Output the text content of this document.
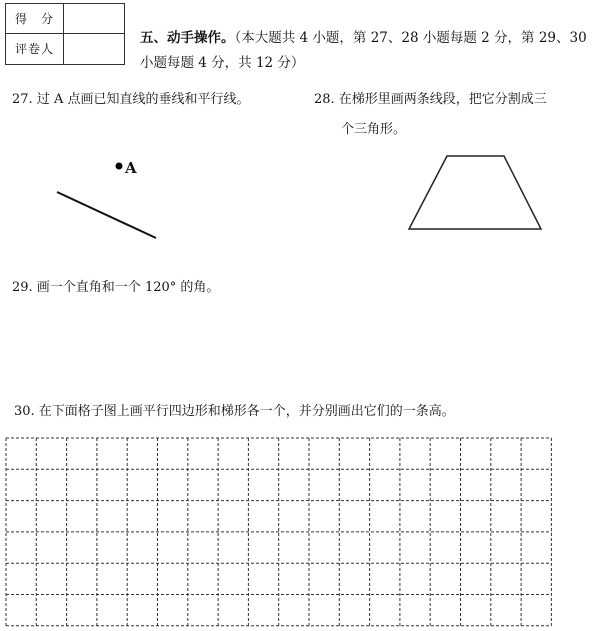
得　分
评卷人
五、动手操作。（本大题共 4 小题，第 27、28 小题每题 2 分，第 29、30 小题每题 4 分，共 12 分）
27. 过 A 点画已知直线的垂线和平行线。	28. 在梯形里画两条线段，把它分割成三
个三角形。
A
29. 画一个直角和一个 120° 的角。
30. 在下面格子图上画平行四边形和梯形各一个，并分别画出它们的一条高。
